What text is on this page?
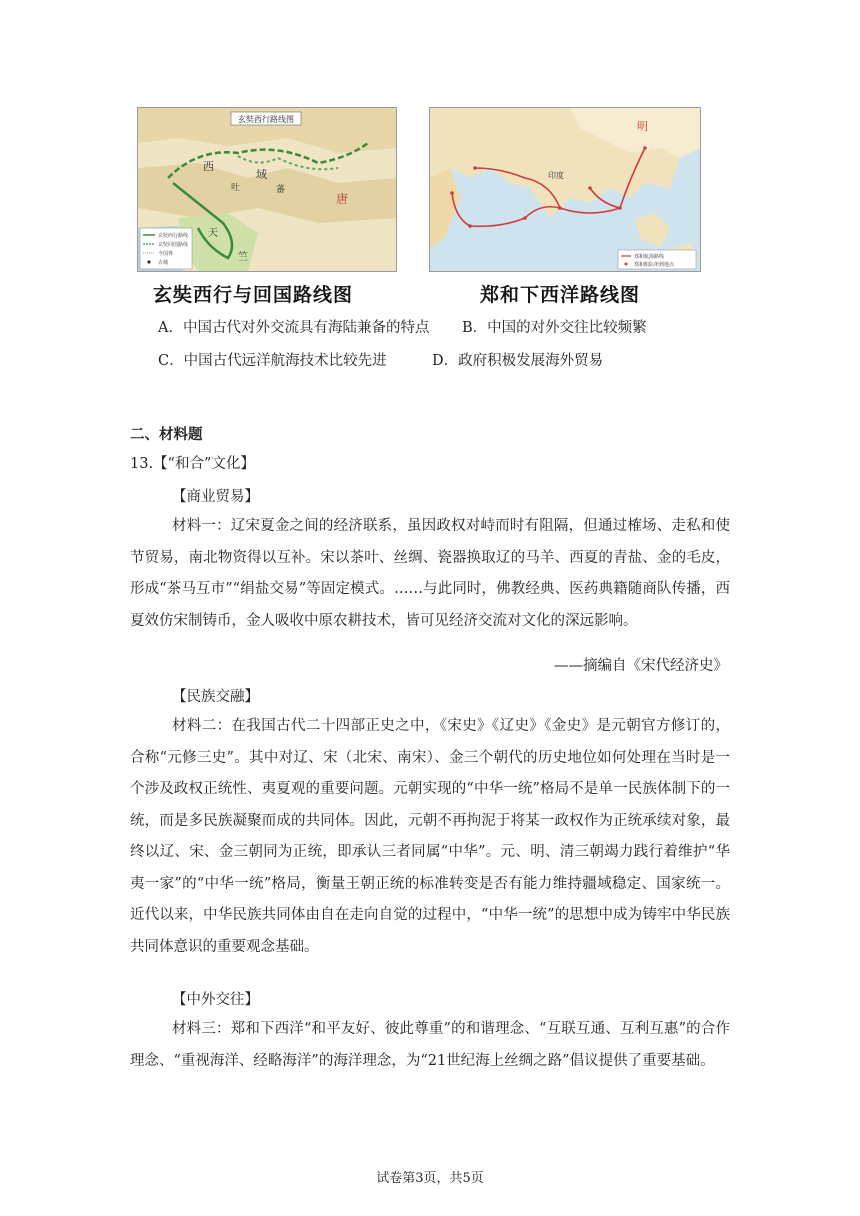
玄奘西行路线图
西
域
吐	蕃
天
竺
唐
玄奘西行路线
玄奘回国路线
今国界
古城
玄奘西行与回国路线图
明
印度
郑和航海路线
郑和船队所到地点
郑和下西洋路线图
A．中国古代对外交流具有海陆兼备的特点 B．中国的对外交往比较频繁
C．中国古代远洋航海技术比较先进	D．政府积极发展海外贸易
二、材料题
13.【“和合”文化】
【商业贸易】
材料一：辽宋夏金之间的经济联系，虽因政权对峙而时有阻隔，但通过榷场、走私和使节贸易，南北物资得以互补。宋以茶叶、丝绸、瓷器换取辽的马羊、西夏的青盐、金的毛皮，形成“茶马互市”“绢盐交易”等固定模式。……与此同时，佛教经典、医药典籍随商队传播，西夏效仿宋制铸币，金人吸收中原农耕技术，皆可见经济交流对文化的深远影响。
——摘编自《宋代经济史》
【民族交融】
材料二：在我国古代二十四部正史之中，《宋史》《辽史》《金史》是元朝官方修订的，合称“元修三史”。其中对辽、宋（北宋、南宋）、金三个朝代的历史地位如何处理在当时是一个涉及政权正统性、夷夏观的重要问题。元朝实现的“中华一统”格局不是单一民族体制下的一统，而是多民族凝聚而成的共同体。因此，元朝不再拘泥于将某一政权作为正统承续对象，最终以辽、宋、金三朝同为正统，即承认三者同属“中华”。元、明、清三朝竭力践行着维护“华夷一家”的“中华一统”格局，衡量王朝正统的标准转变是否有能力维持疆域稳定、国家统一。近代以来，中华民族共同体由自在走向自觉的过程中，“中华一统”的思想中成为铸牢中华民族共同体意识的重要观念基础。
【中外交往】
材料三：郑和下西洋“和平友好、彼此尊重”的和谐理念、“互联互通、互利互惠”的合作理念、“重视海洋、经略海洋”的海洋理念，为“21世纪海上丝绸之路”倡议提供了重要基础。
试卷第3页，共5页
